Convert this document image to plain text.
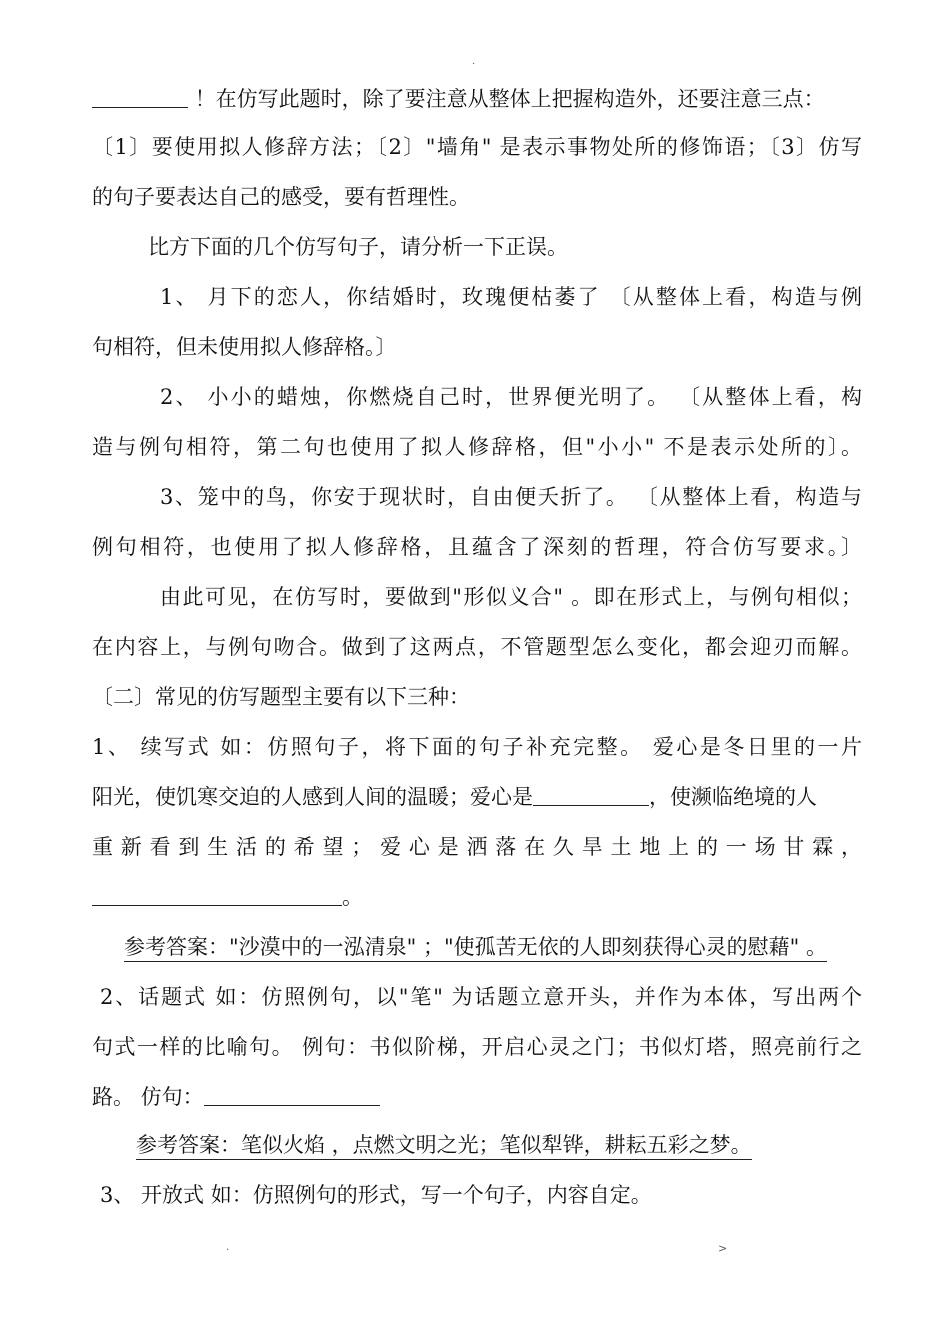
.
！在仿写此题时，除了要注意从整体上把握构造外，还要注意三点：
〔1〕要使用拟人修辞方法；〔2〕"墙角" 是表示事物处所的修饰语；〔3〕仿写
的句子要表达自己的感受，要有哲理性。
比方下面的几个仿写句子，请分析一下正误。
1、 月下的恋人，你结婚时，玫瑰便枯萎了 〔从整体上看，构造与例
句相符，但未使用拟人修辞格。〕
2、 小小的蜡烛，你燃烧自己时，世界便光明了。 〔从整体上看，构
造与例句相符，第二句也使用了拟人修辞格，但"小小" 不是表示处所的〕。
3、笼中的鸟，你安于现状时，自由便夭折了。 〔从整体上看，构造与
例句相符，也使用了拟人修辞格，且蕴含了深刻的哲理，符合仿写要求。〕
由此可见，在仿写时，要做到"形似义合" 。即在形式上，与例句相似；
在内容上，与例句吻合。做到了这两点，不管题型怎么变化，都会迎刃而解。
〔二〕常见的仿写题型主要有以下三种：
1、 续写式 如：仿照句子，将下面的句子补充完整。 爱心是冬日里的一片
阳光，使饥寒交迫的人感到人间的温暖；爱心是	，使濒临绝境的人
重新看到生活的希望；爱心是洒落在久旱土地上的一场甘霖，
。
参考答案："沙漠中的一泓清泉" ；"使孤苦无依的人即刻获得心灵的慰藉" 。
2、话题式 如：仿照例句，以"笔" 为话题立意开头，并作为本体，写出两个
句式一样的比喻句。 例句：书似阶梯，开启心灵之门；书似灯塔，照亮前行之
路。 仿句：
参考答案：笔似火焰 ，点燃文明之光；笔似犁铧，耕耘五彩之梦。
3、 开放式 如：仿照例句的形式，写一个句子，内容自定。
.	>
